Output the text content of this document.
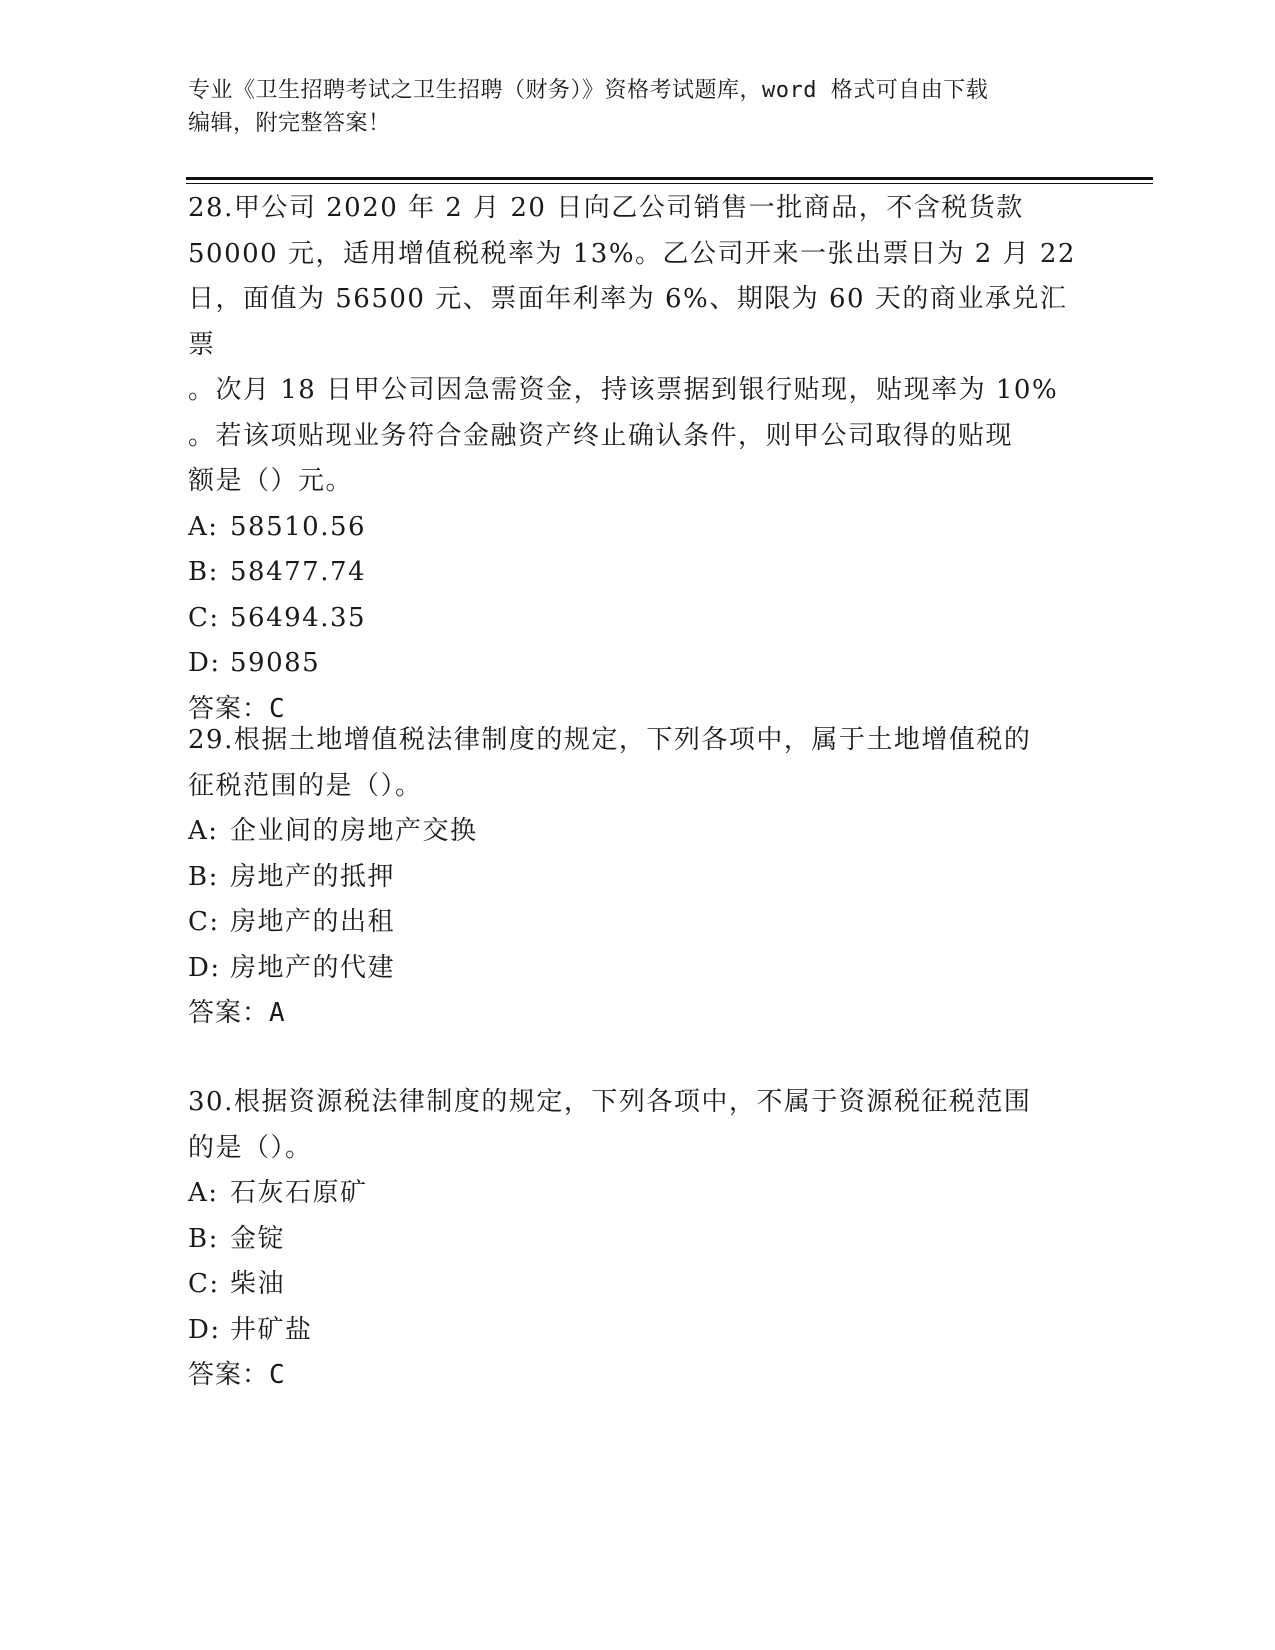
专业《卫生招聘考试之卫生招聘（财务）》资格考试题库，word 格式可自由下载
编辑，附完整答案！
28.甲公司 2020 年 2 月 20 日向乙公司销售一批商品，不含税货款
50000 元，适用增值税税率为 13%。乙公司开来一张出票日为 2 月 22
日，面值为 56500 元、票面年利率为 6%、期限为 60 天的商业承兑汇票
。次月 18 日甲公司因急需资金，持该票据到银行贴现，贴现率为 10%
。若该项贴现业务符合金融资产终止确认条件，则甲公司取得的贴现
额是（）元。
A: 58510.56
B: 58477.74
C: 56494.35
D: 59085
答案：C
29.根据土地增值税法律制度的规定，下列各项中，属于土地增值税的
征税范围的是（）。
A: 企业间的房地产交换
B: 房地产的抵押
C: 房地产的出租
D: 房地产的代建
答案：A
30.根据资源税法律制度的规定，下列各项中，不属于资源税征税范围
的是（）。
A: 石灰石原矿
B: 金锭
C: 柴油
D: 井矿盐
答案：C
